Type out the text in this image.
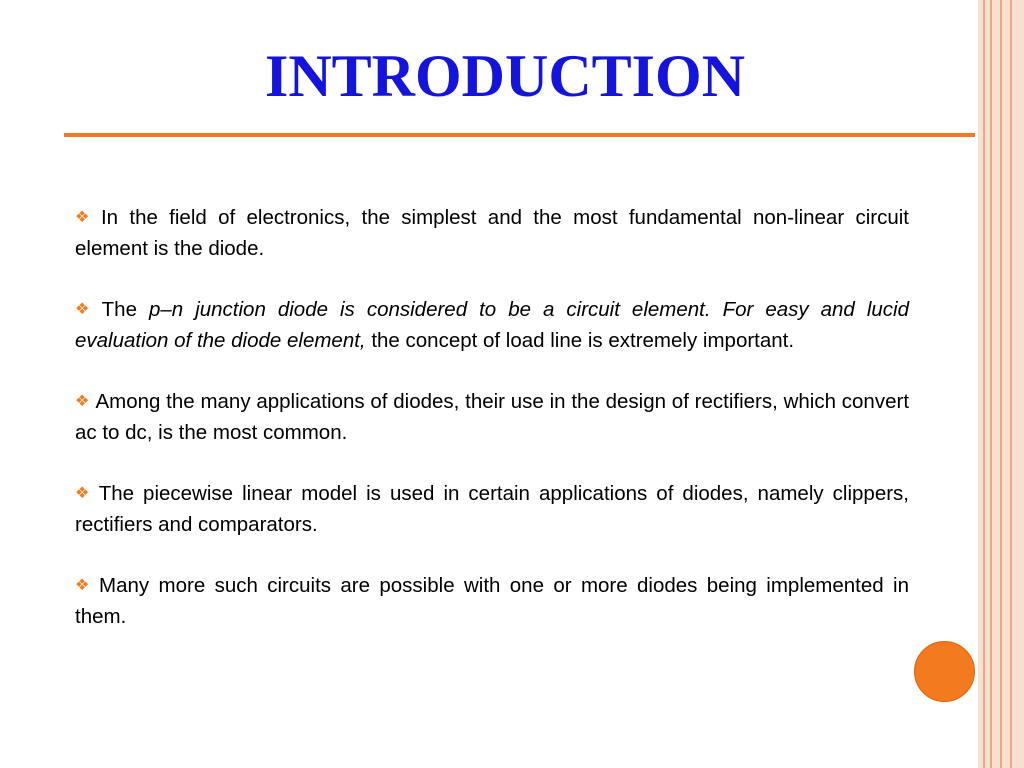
INTRODUCTION

❖ In the field of electronics, the simplest and the most fundamental non-linear circuit element is the diode.

❖ The p–n junction diode is considered to be a circuit element. For easy and lucid evaluation of the diode element, the concept of load line is extremely important.

❖ Among the many applications of diodes, their use in the design of rectifiers, which convert ac to dc, is the most common.

❖ The piecewise linear model is used in certain applications of diodes, namely clippers, rectifiers and comparators.

❖ Many more such circuits are possible with one or more diodes being implemented in them.
